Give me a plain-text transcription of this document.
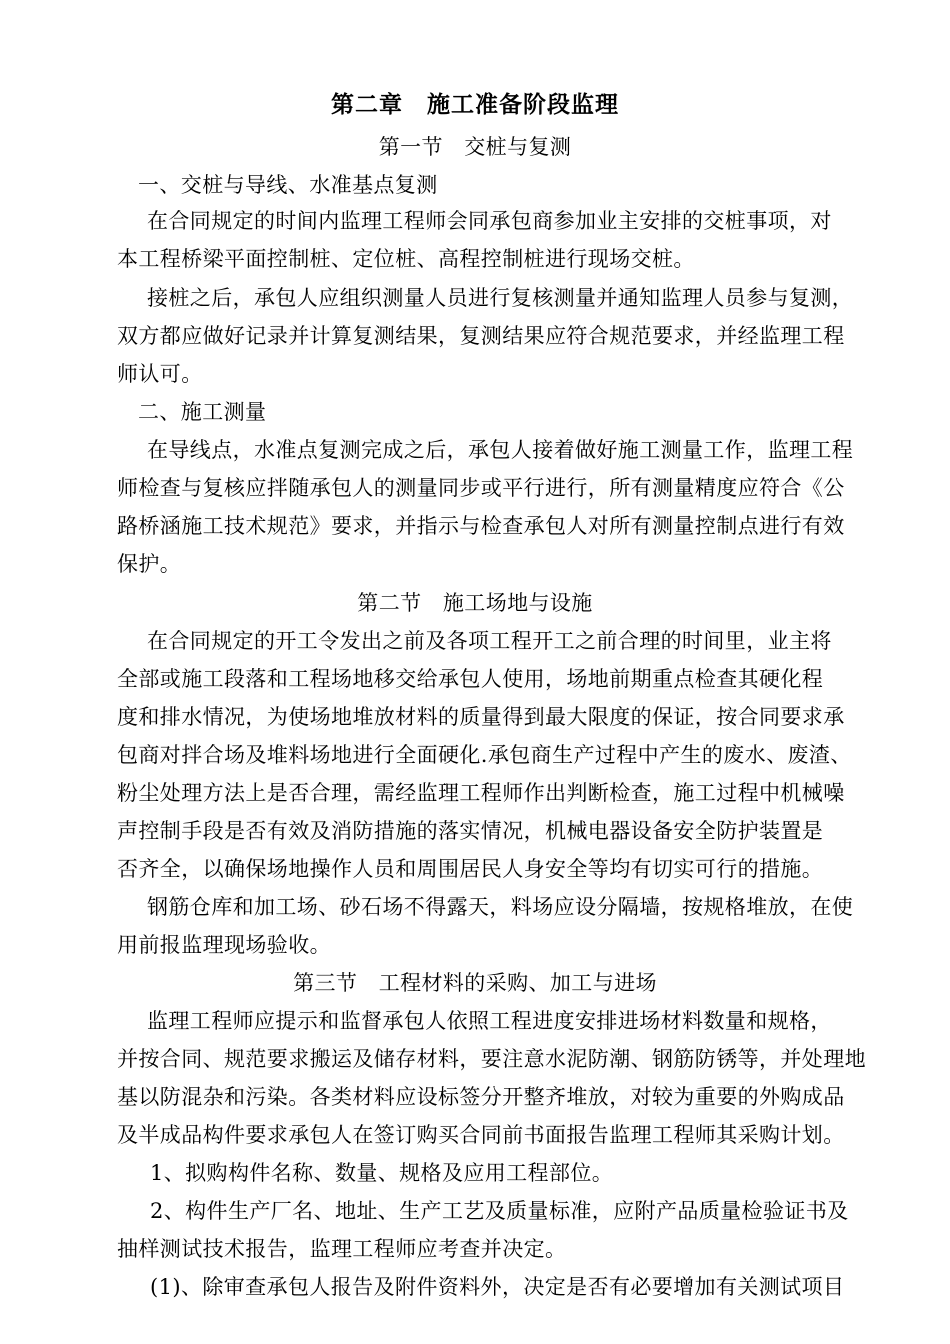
第二章　施工准备阶段监理
第一节　交桩与复测
一、交桩与导线、水准基点复测
在合同规定的时间内监理工程师会同承包商参加业主安排的交桩事项，对
本工程桥梁平面控制桩、定位桩、高程控制桩进行现场交桩。
接桩之后，承包人应组织测量人员进行复核测量并通知监理人员参与复测，
双方都应做好记录并计算复测结果，复测结果应符合规范要求，并经监理工程
师认可。
二、施工测量
在导线点，水准点复测完成之后，承包人接着做好施工测量工作，监理工程
师检查与复核应拌随承包人的测量同步或平行进行，所有测量精度应符合《公
路桥涵施工技术规范》要求，并指示与检查承包人对所有测量控制点进行有效
保护。
第二节　施工场地与设施
在合同规定的开工令发出之前及各项工程开工之前合理的时间里，业主将
全部或施工段落和工程场地移交给承包人使用，场地前期重点检查其硬化程
度和排水情况，为使场地堆放材料的质量得到最大限度的保证，按合同要求承
包商对拌合场及堆料场地进行全面硬化.承包商生产过程中产生的废水、废渣、
粉尘处理方法上是否合理，需经监理工程师作出判断检查，施工过程中机械噪
声控制手段是否有效及消防措施的落实情况，机械电器设备安全防护装置是
否齐全，以确保场地操作人员和周围居民人身安全等均有切实可行的措施。
钢筋仓库和加工场、砂石场不得露天，料场应设分隔墙，按规格堆放，在使
用前报监理现场验收。
第三节　工程材料的采购、加工与进场
监理工程师应提示和监督承包人依照工程进度安排进场材料数量和规格，
并按合同、规范要求搬运及储存材料，要注意水泥防潮、钢筋防锈等，并处理地
基以防混杂和污染。各类材料应设标签分开整齐堆放，对较为重要的外购成品
及半成品构件要求承包人在签订购买合同前书面报告监理工程师其采购计划。
1、拟购构件名称、数量、规格及应用工程部位。
2、构件生产厂名、地址、生产工艺及质量标准，应附产品质量检验证书及
抽样测试技术报告，监理工程师应考查并决定。
(1)、除审查承包人报告及附件资料外，决定是否有必要增加有关测试项目
